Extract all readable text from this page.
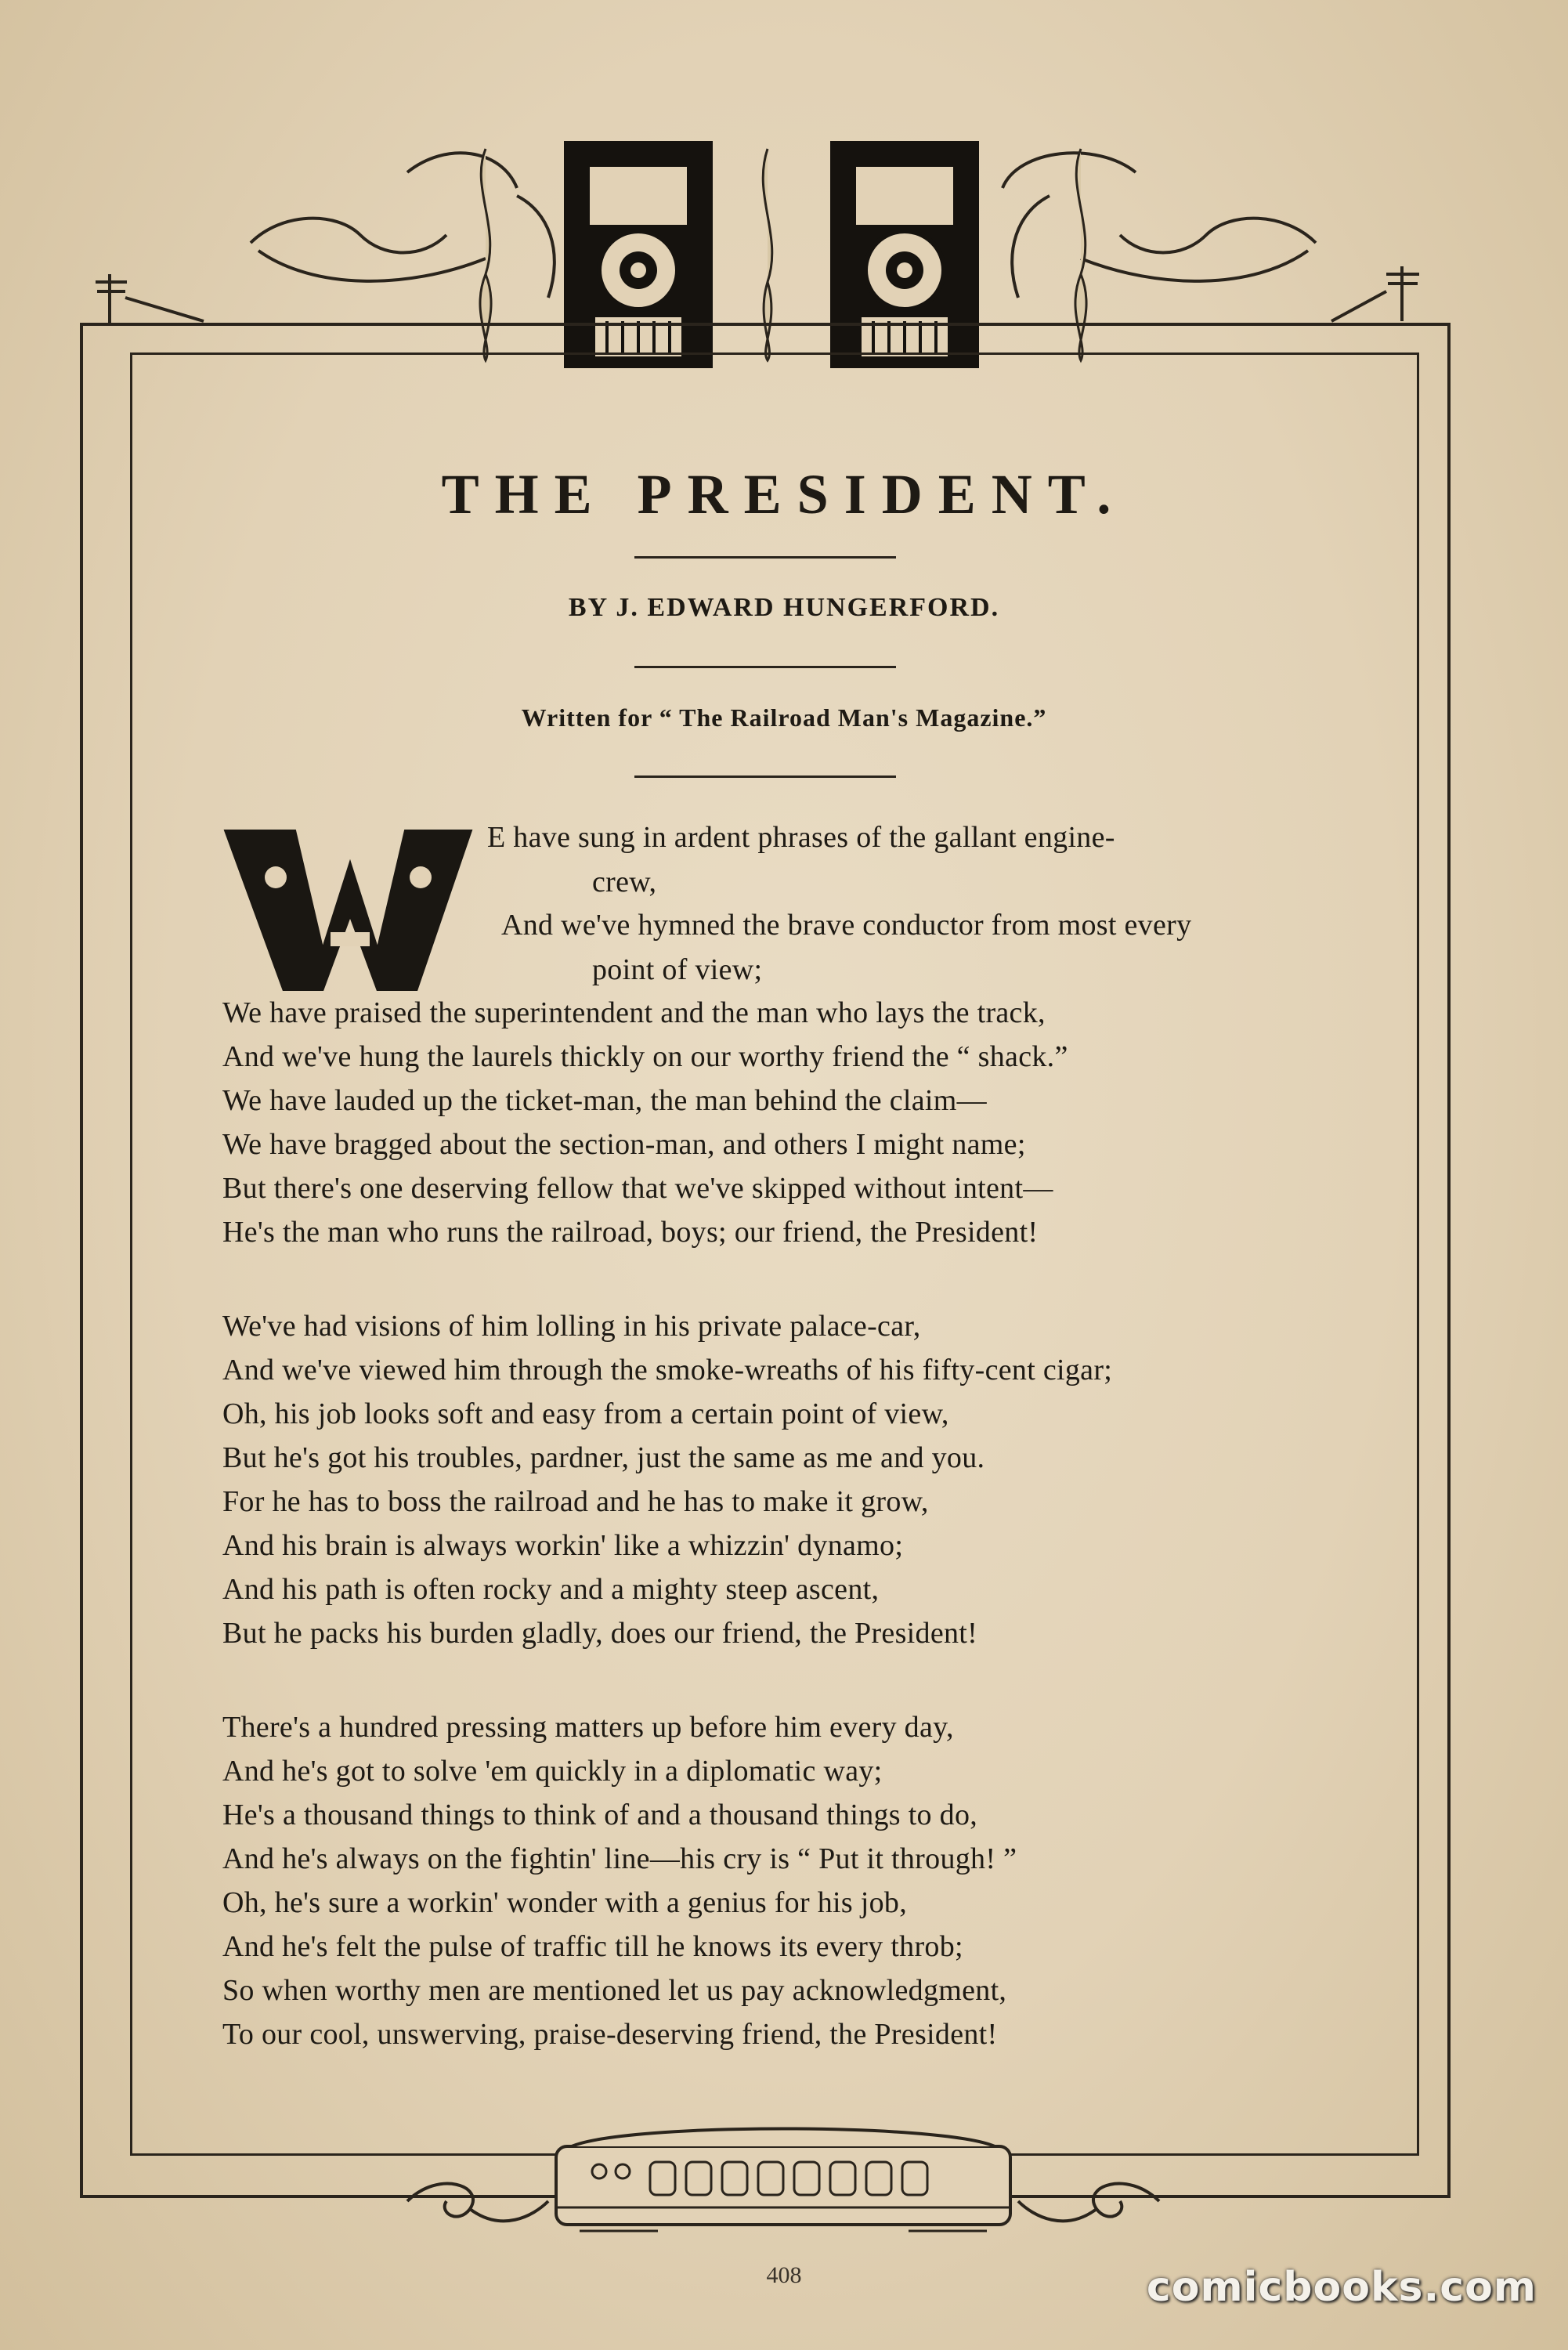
THE PRESIDENT.
BY J. EDWARD HUNGERFORD.
Written for “ The Railroad Man's Magazine.”
E have sung in ardent phrases of the gallant engine-
crew,
And we've hymned the brave conductor from most every
point of view;
We have praised the superintendent and the man who lays the track,
And we've hung the laurels thickly on our worthy friend the “ shack.”
We have lauded up the ticket-man, the man behind the claim—
We have bragged about the section-man, and others I might name;
But there's one deserving fellow that we've skipped without intent—
He's the man who runs the railroad, boys; our friend, the President!
We've had visions of him lolling in his private palace-car,
And we've viewed him through the smoke-wreaths of his fifty-cent cigar;
Oh, his job looks soft and easy from a certain point of view,
But he's got his troubles, pardner, just the same as me and you.
For he has to boss the railroad and he has to make it grow,
And his brain is always workin' like a whizzin' dynamo;
And his path is often rocky and a mighty steep ascent,
But he packs his burden gladly, does our friend, the President!
There's a hundred pressing matters up before him every day,
And he's got to solve 'em quickly in a diplomatic way;
He's a thousand things to think of and a thousand things to do,
And he's always on the fightin' line—his cry is “ Put it through! ”
Oh, he's sure a workin' wonder with a genius for his job,
And he's felt the pulse of traffic till he knows its every throb;
So when worthy men are mentioned let us pay acknowledgment,
To our cool, unswerving, praise-deserving friend, the President!
408	comicbooks.com
